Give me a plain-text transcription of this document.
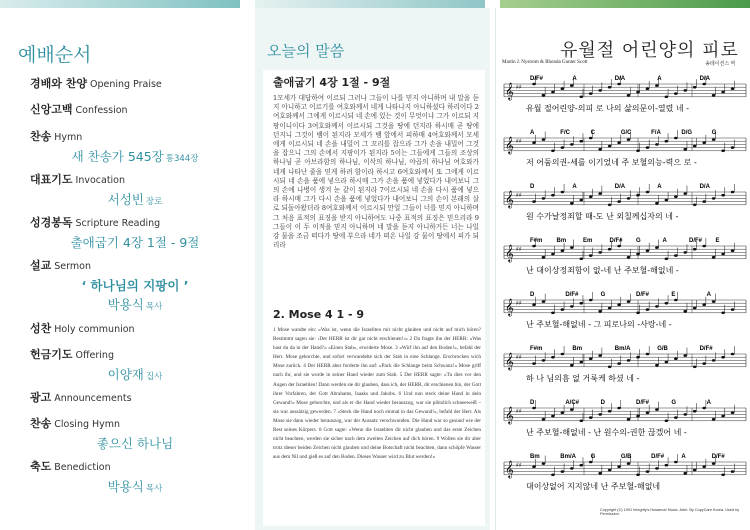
예배순서
경배와 찬양 Opening Praise
신앙고백 Confession
찬송 Hymn
새 찬송가 545장 통344장
대표기도 Invocation
서성빈 장로
성경봉독 Scripture Reading
출애굽기 4장 1절 - 9절
설교 Sermon
‘ 하나님의 지팡이 ’
박용식 목사
성찬 Holy communion
헌금기도 Offering
이양재 집사
광고 Announcements
찬송 Closing Hymn
좋으신 하나님
축도 Benediction
박용식 목사
오늘의 말씀
출애굽기 4장 1절 - 9절
1모세가 대답하여 이르되 그러나 그들이 나를 믿지 아니하며 내 말을 듣지 아니하고 이르기를 여호와께서 네게 나타나지 아니하셨다 하리이다 2여호와께서 그에게 이르시되 네 손에 있는 것이 무엇이냐 그가 이르되 지팡이니이다 3여호와께서 이르시되 그것을 땅에 던지라 하시매 곧 땅에 던지니 그것이 뱀이 된지라 모세가 뱀 앞에서 피하매 4여호와께서 모세에게 이르시되 네 손을 내밀어 그 꼬리를 잡으라 그가 손을 내밀어 그것을 잡으니 그의 손에서 지팡이가 된지라 5이는 그들에게 그들의 조상의 하나님 곧 아브라함의 하나님, 이삭의 하나님, 야곱의 하나님 여호와가 네게 나타난 줄을 믿게 하려 함이라 하시고 6여호와께서 또 그에게 이르시되 네 손을 품에 넣으라 하시매 그가 손을 품에 넣었다가 내어보니 그의 손에 나병이 생겨 눈 같이 된지라 7이르시되 네 손을 다시 품에 넣으라 하시매 그가 다시 손을 품에 넣었다가 내어보니 그의 손이 본래의 살로 되돌아왔더라 8여호와께서 이르시되 만일 그들이 너를 믿지 아니하며 그 처음 표적의 표징을 받지 아니하여도 나중 표적의 표징은 믿으리라 9그들이 이 두 이적을 믿지 아니하며 네 말을 듣지 아니하거든 너는 나일 강 물을 조금 떠다가 땅에 부으라 네가 떠온 나일 강 물이 땅에서 피가 되리라
2. Mose 4 1 - 9
1 Mose wandte ein: »Was ist, wenn die Israeliten mir nicht glauben und nicht auf mich hören? Bestimmt sagen sie: ›Der HERR ist dir gar nicht erschienen!‹« 2 Da fragte ihn der HERR: »Was hast du da in der Hand?« »Einen Stab«, erwiderte Mose. 3 »Wirf ihn auf den Boden!«, befahl der Herr. Mose gehorchte, und sofort verwandelte sich der Stab in eine Schlange. Erschrocken wich Mose zurück. 4 Der HERR aber forderte ihn auf: »Pack die Schlange beim Schwanz!« Mose griff nach ihr, und sie wurde in seiner Hand wieder zum Stab. 5 Der HERR sagte: »Tu dies vor den Augen der Israeliten! Dann werden sie dir glauben, dass ich, der HERR, dir erschienen bin, der Gott ihrer Vorfahren, der Gott Abrahams, Isaaks und Jakobs. 6 Und nun steck deine Hand in dein Gewand!« Mose gehorchte, und als er die Hand wieder herauszog, war sie plötzlich schneeweiß – sie war aussätzig geworden. 7 »Steck die Hand noch einmal in das Gewand!«, befahl der Herr. Als Mose sie dann wieder herauszog, war der Aussatz verschwunden. Die Hand war so gesund wie der Rest seines Körpers. 8 Gott sagte: »Wenn die Israeliten dir nicht glauben und das erste Zeichen nicht beachten, werden sie sicher nach dem zweiten Zeichen auf dich hören. 9 Wollen sie dir aber trotz dieser beiden Zeichen nicht glauben und deine Botschaft nicht beachten, dann schöpfe Wasser aus dem Nil und gieß es auf den Boden. Dieses Wasser wird zu Blut werden!«
유월절 어린양의 피로
Martin J. Nystrom & Rhonda Gunter Scott	송테이션스 역
D/F#	A	D/A	A	D/A
𝄞 ♯♯
유월 절어린양-의피 로 나의 삶의문이-열렸 네 -
A	F/C	C	G/C	F/A	D/G	G
𝄞 ♯♯
저 어둠의권-세를 이기었네 주 보혈의능-력으 로 -
D	A	D/A	A	D/A
𝄞 ♯♯
원 수가날정죄할 때-도 난 외칠께십자의 네 -
F#m Bm	Em	D/F# G	A	D/F# E
𝄞 ♯♯
난 대이상정죄함이 없-네 난 주보혈-해없네 -
D	D/F#	G	D/F#	E	A
𝄞 ♯♯
난 주보혈-해없네 - 그 피로나의 -사랑-네 -
F#m	Bm	Bm/A	G/B	D/F#
𝄞 ♯♯
하 나 님의흠 없 거룩케 하셨 네 -
D	A/C#	D	D/F#	G	A
𝄞 ♯♯
난 주보혈-해없네 - 난 원수의-권한 끊겠어 네 -
Bm	Bm/A G	G/B	D/F#	A	D/F#
𝄞 ♯♯
대이상없어 지지않네 난 주보혈-해없네
Copyright (C) 1991 Integrity's Hosanna! Music. Adm. By CopyCare Korea. Used by Permission.
